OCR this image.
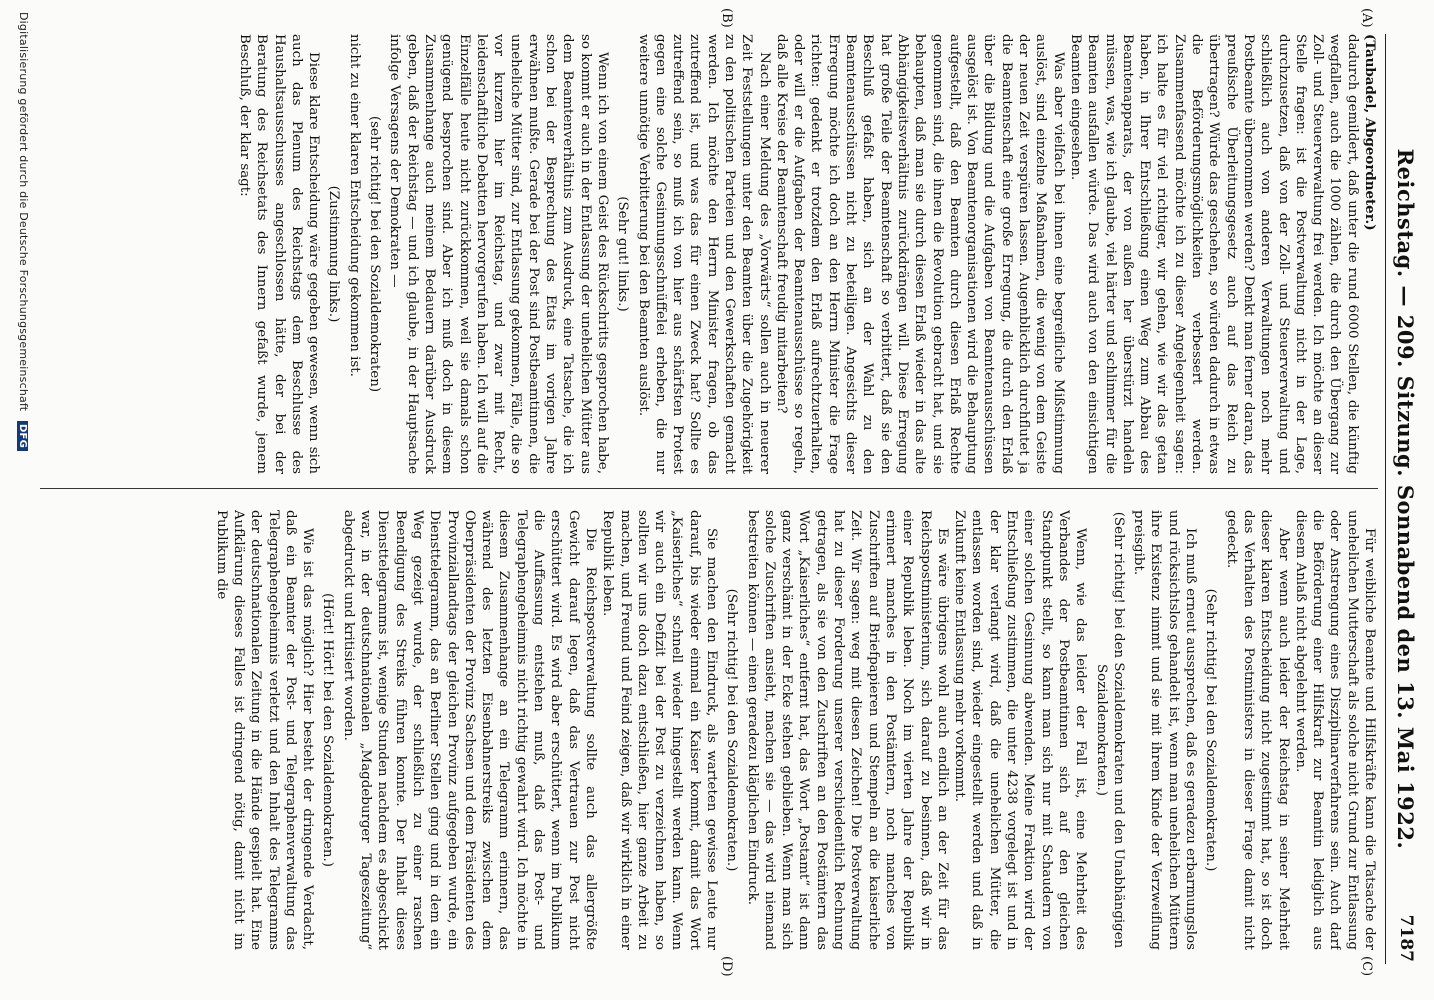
Reichstag. — 209. Sitzung. Sonnabend den 13. Mai 1922.
7187
(A)
(B)
(C)
(D)

(Taubadel, Abgeordneter.)

dadurch gemildert, daß unter die rund 6000 Stellen, die künftig wegfallen, auch die 1000 zählen, die durch den Übergang zur Zoll- und Steuerverwaltung frei werden. Ich möchte an dieser Stelle fragen: ist die Postverwaltung nicht in der Lage, durchzusetzen, daß von der Zoll- und Steuerverwaltung und schließlich auch von anderen Verwaltungen noch mehr Postbeamte übernommen werden? Denkt man ferner daran, das preußische Überleitungsgesetz auch auf das Reich zu übertragen? Würde das geschehen, so würden dadurch in etwas die Beförderungsmöglichkeiten verbessert werden. Zusammenfassend möchte ich zu dieser Angelegenheit sagen: ich halte es für viel richtiger, wir gehen, wie wir das getan haben, in Ihrer Entschließung einen Weg zum Abbau des Beamtenapparats, der von außen her überstürzt handeln müssen, was, wie ich glaube, viel härter und schlimmer für die Beamten ausfallen würde. Das wird auch von den einsichtigen Beamten eingesehen.

Was aber vielfach bei ihnen eine begreifliche Mißstimmung auslöst, sind einzelne Maßnahmen, die wenig von dem Geiste der neuen Zeit verspüren lassen. Augenblicklich durchflutet ja die Beamtenschaft eine große Erregung, die durch den Erlaß über die Bildung und die Aufgaben von Beamtenausschüssen ausgelöst ist. Von Beamtenorganisationen wird die Behauptung aufgestellt, daß den Beamten durch diesen Erlaß Rechte genommen sind, die ihnen die Revolution gebracht hat, und sie behaupten, daß man sie durch diesen Erlaß wieder in das alte Abhängigkeitsverhältnis zurückdrängen will. Diese Erregung hat große Teile der Beamtenschaft so verbittert, daß sie den Beschluß gefaßt haben, sich an der Wahl zu den Beamtenausschüssen nicht zu beteiligen. Angesichts dieser Erregung möchte ich doch an den Herrn Minister die Frage richten: gedenkt er trotzdem den Erlaß aufrechtzuerhalten, oder will er die Aufgaben der Beamtenausschüsse so regeln, daß alle Kreise der Beamtenschaft freudig mitarbeiten?

Nach einer Meldung des „Vorwärts“ sollen auch in neuerer Zeit Feststellungen unter den Beamten über die Zugehörigkeit zu den politischen Parteien und den Gewerkschaften gemacht werden. Ich möchte den Herrn Minister fragen, ob das zutreffend ist, und was das für einen Zweck hat? Sollte es zutreffend sein, so muß ich von hier aus schärfsten Protest gegen eine solche Gesinnungsschnüffelei erheben, die nur weitere unnötige Verbitterung bei den Beamten auslöst.

(Sehr gut! links.)

Wenn ich von einem Geist des Rückschritts gesprochen habe, so kommt er auch in der Entlassung der unehelichen Mütter aus dem Beamtenverhältnis zum Ausdruck, eine Tatsache, die ich schon bei der Besprechung des Etats im vorigen Jahre erwähnen mußte. Gerade bei der Post sind Postbeamtinnen, die uneheliche Mütter sind, zur Entlassung gekommen, Fälle, die so vor kurzem hier im Reichstag, und zwar mit Recht, leidenschaftliche Debatten hervorgerufen haben. Ich will auf die Einzelfälle heute nicht zurückkommen, weil sie damals schon genügend besprochen sind. Aber ich muß doch in diesem Zusammenhange auch meinem Bedauern darüber Ausdruck geben, daß der Reichstag — und ich glaube, in der Hauptsache infolge Versagens der Demokraten —

(sehr richtig! bei den Sozialdemokraten)

nicht zu einer klaren Entscheidung gekommen ist.

(Zustimmung links.)

Diese klare Entscheidung wäre gegeben gewesen, wenn sich auch das Plenum des Reichstags dem Beschlusse des Haushaltsausschusses angeschlossen hätte, der bei der Beratung des Reichsetats des Innern gefaßt wurde, jenem Beschluß, der klar sagt:

Für weibliche Beamte und Hilfskräfte kann die Tatsache der unehelichen Mutterschaft als solche nicht Grund zur Entlassung oder Anstrengung eines Disziplinarverfahrens sein. Auch darf die Beförderung einer Hilfskraft zur Beamtin lediglich aus diesem Anlaß nicht abgelehnt werden.

Aber wenn auch leider der Reichstag in seiner Mehrheit dieser klaren Entscheidung nicht zugestimmt hat, so ist doch das Verhalten des Postministers in dieser Frage damit nicht gedeckt.

(Sehr richtig! bei den Sozialdemokraten.)

Ich muß erneut aussprechen, daß es geradezu erbarmungslos und rücksichtslos gehandelt ist, wenn man unehelichen Müttern ihre Existenz nimmt und sie mit ihrem Kinde der Verzweiflung preisgibt.

(Sehr richtig! bei den Sozialdemokraten und den Unabhängigen Sozialdemokraten.)

Wenn, wie das leider der Fall ist, eine Mehrheit des Verbandes der Postbeamtinnen sich auf den gleichen Standpunkt stellt, so kann man sich nur mit Schaudern von einer solchen Gesinnung abwenden. Meine Fraktion wird der Entschließung zustimmen, die unter 4238 vorgelegt ist und in der klar verlangt wird, daß die unehelichen Mütter, die entlassen worden sind, wieder eingestellt werden und daß in Zukunft keine Entlassung mehr vorkommt.

Es wäre übrigens wohl auch endlich an der Zeit für das Reichspostministerium, sich darauf zu besinnen, daß wir in einer Republik leben. Noch im vierten Jahre der Republik erinnert manches in den Postämtern, noch manches von Zuschriften auf Briefpapieren und Stempeln an die kaiserliche Zeit. Wir sagen: weg mit diesen Zeichen! Die Postverwaltung hat zu dieser Forderung unserer verschiedentlich Rechnung getragen, als sie von den Zuschriften an den Postämtern das Wort „Kaiserliches“ entfernt hat, das Wort „Postamt“ ist dann ganz verschämt in der Ecke stehen geblieben. Wenn man sich solche Zuschriften ansieht, machen sie — das wird niemand bestreiten können — einen geradezu kläglichen Eindruck.

(Sehr richtig! bei den Sozialdemokraten.)

Sie machen den Eindruck, als warteten gewisse Leute nur darauf, bis wieder einmal ein Kaiser kommt, damit das Wort „Kaiserliches“ schnell wieder hingestellt werden kann. Wenn wir auch ein Defizit bei der Post zu verzeichnen haben, so sollten wir uns doch dazu entschließen, hier ganze Arbeit zu machen, und Freund und Feind zeigen, daß wir wirklich in einer Republik leben.

Die Reichspostverwaltung sollte auch das allergrößte Gewicht darauf legen, daß das Vertrauen zur Post nicht erschüttert wird. Es wird aber erschüttert, wenn im Publikum die Auffassung entstehen muß, daß das Post- und Telegraphengeheimnis nicht richtig gewahrt wird. Ich möchte in diesem Zusammenhange an ein Telegramm erinnern, das während des letzten Eisenbahnerstreiks zwischen dem Oberpräsidenten der Provinz Sachsen und dem Präsidenten des Provinziallandtags der gleichen Provinz aufgegeben wurde, ein Diensttelegramm, das an Berliner Stellen ging und in dem ein Weg gezeigt wurde, der schließlich zu einer raschen Beendigung des Streiks führen konnte. Der Inhalt dieses Diensttelegramms ist, wenige Stunden nachdem es abgeschickt war, in der deutschnationalen „Magdeburger Tageszeitung“ abgedruckt und kritisiert worden.

(Hört! Hört! bei den Sozialdemokraten.)

Wie ist das möglich? Hier besteht der dringende Verdacht, daß ein Beamter der Post- und Telegraphenverwaltung das Telegraphengeheimnis verletzt und den Inhalt des Telegramms der deutschnationalen Zeitung in die Hände gespielt hat. Eine Aufklärung dieses Falles ist dringend nötig, damit nicht im Publikum die

Digitalisierung gefördert durch die Deutsche Forschungsgemeinschaft DFG
